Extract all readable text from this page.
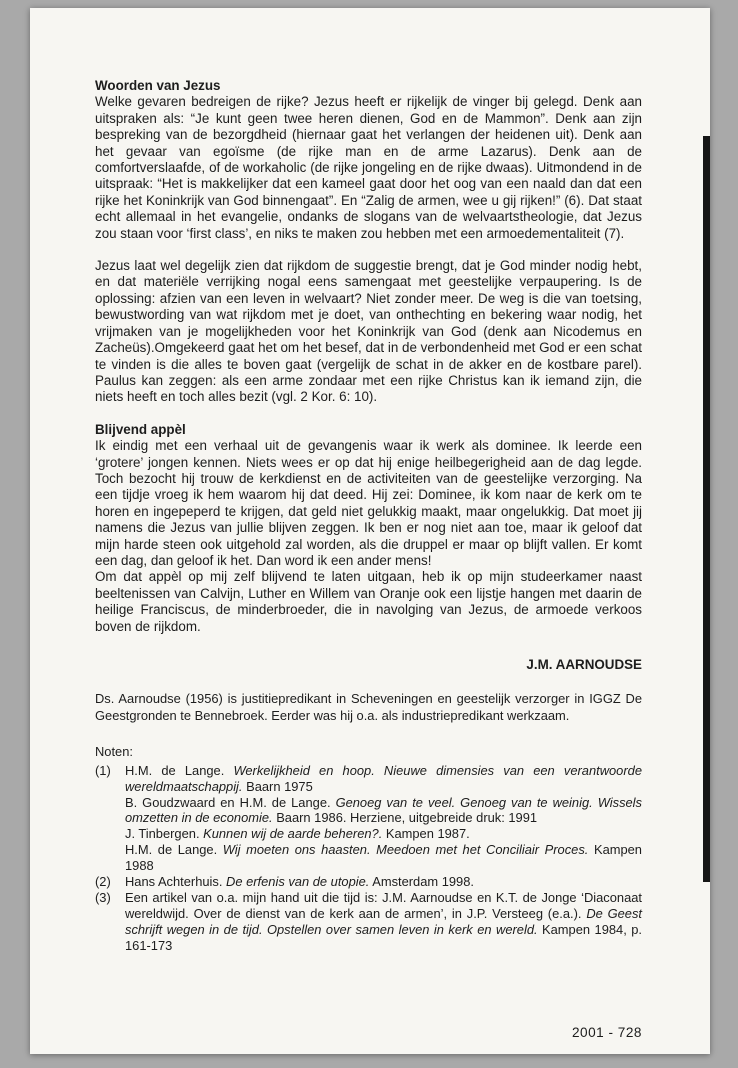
Woorden van Jezus

Welke gevaren bedreigen de rijke? Jezus heeft er rijkelijk de vinger bij gelegd. Denk aan uitspraken als: “Je kunt geen twee heren dienen, God en de Mammon”. Denk aan zijn bespreking van de bezorgdheid (hiernaar gaat het verlangen der heidenen uit). Denk aan het gevaar van egoïsme (de rijke man en de arme Lazarus). Denk aan de comfortverslaafde, of de workaholic (de rijke jongeling en de rijke dwaas). Uitmondend in de uitspraak: “Het is makkelijker dat een kameel gaat door het oog van een naald dan dat een rijke het Koninkrijk van God binnengaat”. En “Zalig de armen, wee u gij rijken!” (6). Dat staat echt allemaal in het evangelie, ondanks de slogans van de welvaartstheologie, dat Jezus zou staan voor ‘first class’, en niks te maken zou hebben met een armoedementaliteit (7).

Jezus laat wel degelijk zien dat rijkdom de suggestie brengt, dat je God minder nodig hebt, en dat materiële verrijking nogal eens samengaat met geestelijke verpaupering. Is de oplossing: afzien van een leven in welvaart? Niet zonder meer. De weg is die van toetsing, bewustwording van wat rijkdom met je doet, van onthechting en bekering waar nodig, het vrijmaken van je mogelijkheden voor het Koninkrijk van God (denk aan Nicodemus en Zacheüs).Omgekeerd gaat het om het besef, dat in de verbondenheid met God er een schat te vinden is die alles te boven gaat (vergelijk de schat in de akker en de kostbare parel). Paulus kan zeggen: als een arme zondaar met een rijke Christus kan ik iemand zijn, die niets heeft en toch alles bezit (vgl. 2 Kor. 6: 10).

Blijvend appèl

Ik eindig met een verhaal uit de gevangenis waar ik werk als dominee. Ik leerde een ‘grotere’ jongen kennen. Niets wees er op dat hij enige heilbegerigheid aan de dag legde. Toch bezocht hij trouw de kerkdienst en de activiteiten van de geestelijke verzorging. Na een tijdje vroeg ik hem waarom hij dat deed. Hij zei: Dominee, ik kom naar de kerk om te horen en ingepeperd te krijgen, dat geld niet gelukkig maakt, maar ongelukkig. Dat moet jij namens die Jezus van jullie blijven zeggen. Ik ben er nog niet aan toe, maar ik geloof dat mijn harde steen ook uitgehold zal worden, als die druppel er maar op blijft vallen. Er komt een dag, dan geloof ik het. Dan word ik een ander mens!

Om dat appèl op mij zelf blijvend te laten uitgaan, heb ik op mijn studeerkamer naast beeltenissen van Calvijn, Luther en Willem van Oranje ook een lijstje hangen met daarin de heilige Franciscus, de minderbroeder, die in navolging van Jezus, de armoede verkoos boven de rijkdom.

J.M. AARNOUDSE

Ds. Aarnoudse (1956) is justitiepredikant in Scheveningen en geestelijk verzorger in IGGZ De Geestgronden te Bennebroek. Eerder was hij o.a. als industriepredikant werkzaam.

Noten:
(1)	H.M. de Lange. Werkelijkheid en hoop. Nieuwe dimensies van een verantwoorde wereldmaatschappij. Baarn 1975

B. Goudzwaard en H.M. de Lange. Genoeg van te veel. Genoeg van te weinig. Wissels omzetten in de economie. Baarn 1986. Herziene, uitgebreide druk: 1991

J. Tinbergen. Kunnen wij de aarde beheren?. Kampen 1987.

H.M. de Lange. Wij moeten ons haasten. Meedoen met het Conciliair Proces. Kampen 1988

(2)	Hans Achterhuis. De erfenis van de utopie. Amsterdam 1998.

(3)	Een artikel van o.a. mijn hand uit die tijd is: J.M. Aarnoudse en K.T. de Jonge ‘Diaconaat wereldwijd. Over de dienst van de kerk aan de armen’, in J.P. Versteeg (e.a.). De Geest schrijft wegen in de tijd. Opstellen over samen leven in kerk en wereld. Kampen 1984, p. 161-173

2001 - 728
